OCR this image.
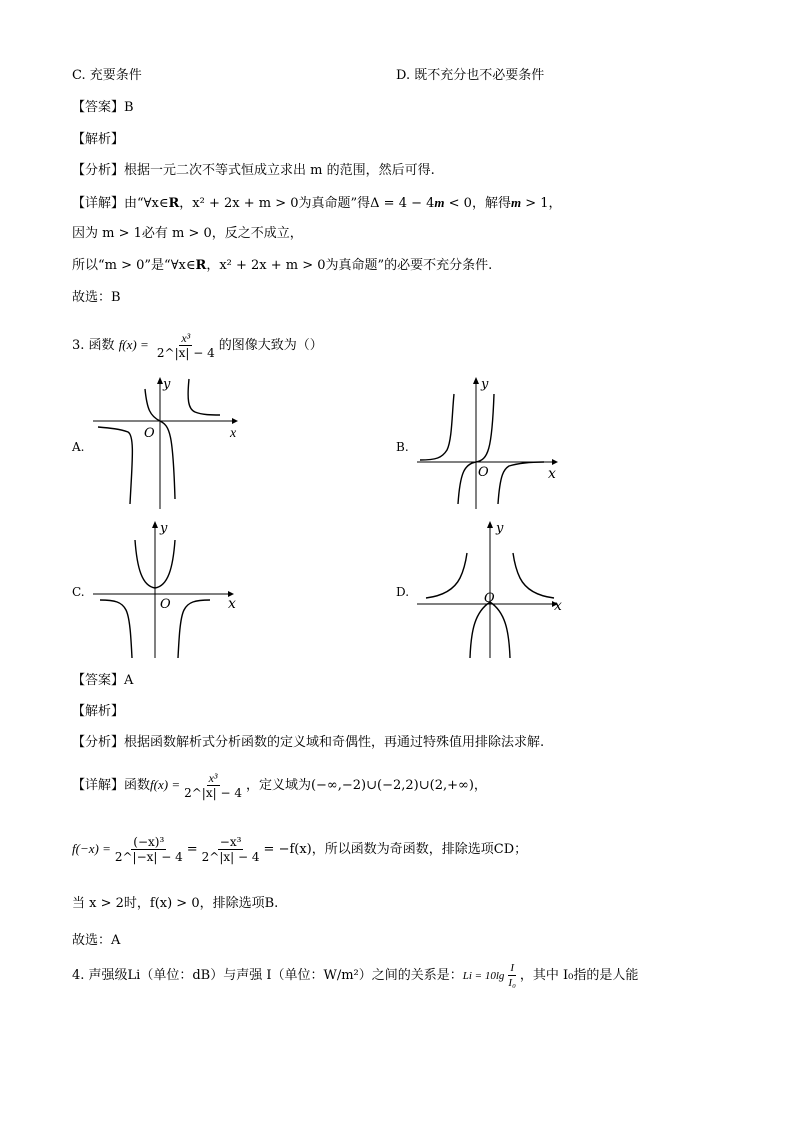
C. 充要条件	D. 既不充分也不必要条件
【答案】B
【解析】
【分析】根据一元二次不等式恒成立求出 m 的范围，然后可得.
【详解】由“∀x∈R，x² + 2x + m > 0为真命题”得Δ = 4 − 4m < 0，解得m > 1，
因为 m > 1必有 m > 0，反之不成立，
所以“m > 0”是“∀x∈R，x² + 2x + m > 0为真命题”的必要不充分条件.
故选：B
3. 函数 $f(x) = \frac{\text{x³}}{2\^{}|x| - 4}$ 的图像大致为（）
A.
x
y
O
B.
x
y
O
C.
x
y
O
D.
x
y
O
【答案】A
【解析】
【分析】根据函数解析式分析函数的定义域和奇偶性，再通过特殊值用排除法求解.
【详解】函数$f(x) = \frac{\text{x³}}{2\^{}|x| - 4}$ ，定义域为(−∞,−2)∪(−2,2)∪(2,+∞)，
$f(-x) = \frac{\text{(−x)³}}{2\^{}|-x| - 4} = \frac{\text{−x³}}{2\^{}|x| - 4} = -f(x)$，所以函数为奇函数，排除选项CD；
当 x > 2时，f(x) > 0，排除选项B.
故选：A
4. 声强级Li（单位：dB）与声强 I（单位：W/m²）之间的关系是：$Li = 10\lg \frac{I}{\text{I₀}}$ ，其中 I₀指的是人能
